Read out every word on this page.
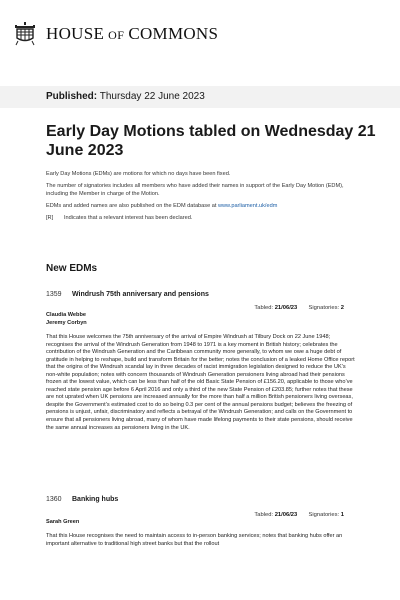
HOUSE OF COMMONS
Published: Thursday 22 June 2023
Early Day Motions tabled on Wednesday 21 June 2023

Early Day Motions (EDMs) are motions for which no days have been fixed.

The number of signatories includes all members who have added their names in support of the Early Day Motion (EDM), including the Member in charge of the Motion.

EDMs and added names are also published on the EDM database at www.parliament.uk/edm

[R] Indicates that a relevant interest has been declared.

New EDMs
1359 Windrush 75th anniversary and pensions
Tabled: 21/06/23 Signatories: 2
Claudia Webbe
Jeremy Corbyn

That this House welcomes the 75th anniversary of the arrival of Empire Windrush at Tilbury Dock on 22 June 1948; recognises the arrival of the Windrush Generation from 1948 to 1971 is a key moment in British history; celebrates the contribution of the Windrush Generation and the Caribbean community more generally, to whom we owe a huge debt of gratitude in helping to reshape, build and transform Britain for the better; notes the conclusion of a leaked Home Office report that the origins of the Windrush scandal lay in three decades of racist immigration legislation designed to reduce the UK’s non-white population; notes with concern thousands of Windrush Generation pensioners living abroad had their pensions frozen at the lowest value, which can be less than half of the old Basic State Pension of £156.20, applicable to those who’ve reached state pension age before 6 April 2016 and only a third of the new State Pension of £203.85; further notes that these are not uprated when UK pensions are increased annually for the more than half a million British pensioners living overseas, despite the Government’s estimated cost to do so being 0.3 per cent of the annual pensions budget; believes the freezing of pensions is unjust, unfair, discriminatory and reflects a betrayal of the Windrush Generation; and calls on the Government to ensure that all pensioners living abroad, many of whom have made lifelong payments to their state pensions, should receive the same annual increases as pensioners living in the UK.

1360 Banking hubs
Tabled: 21/06/23 Signatories: 1
Sarah Green

That this House recognises the need to maintain access to in-person banking services; notes that banking hubs offer an important alternative to traditional high street banks but that the rollout
